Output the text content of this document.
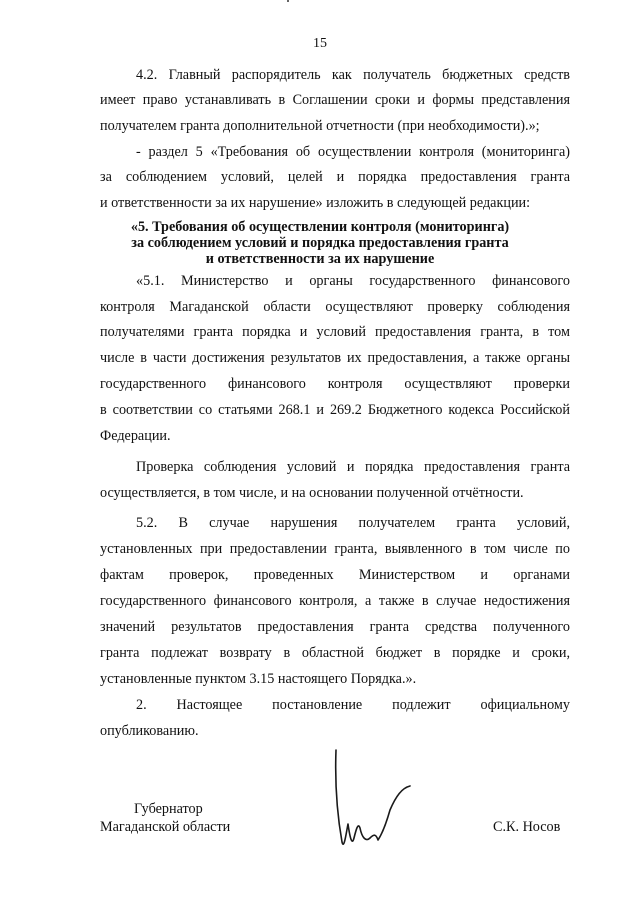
15
4.2. Главный распорядитель как получатель бюджетных средств
имеет право устанавливать в Соглашении сроки и формы представления
получателем гранта дополнительной отчетности (при необходимости).»;
- раздел 5 «Требования об осуществлении контроля (мониторинга)
за соблюдением условий, целей и порядка предоставления гранта
и ответственности за их нарушение» изложить в следующей редакции:
«5. Требования об осуществлении контроля (мониторинга)
за соблюдением условий и порядка предоставления гранта
и ответственности за их нарушение
«5.1. Министерство и органы государственного финансового
контроля Магаданской области осуществляют проверку соблюдения
получателями гранта порядка и условий предоставления гранта, в том
числе в части достижения результатов их предоставления, а также органы
государственного финансового контроля осуществляют проверки
в соответствии со статьями 268.1 и 269.2 Бюджетного кодекса Российской
Федерации.
Проверка соблюдения условий и порядка предоставления гранта
осуществляется, в том числе, и на основании полученной отчётности.
5.2. В случае нарушения получателем гранта условий,
установленных при предоставлении гранта, выявленного в том числе по
фактам проверок, проведенных Министерством и органами
государственного финансового контроля, а также в случае недостижения
значений результатов предоставления гранта средства полученного
гранта подлежат возврату в областной бюджет в порядке и сроки,
установленные пунктом 3.15 настоящего Порядка.».
2. Настоящее постановление подлежит официальному
опубликованию.
Губернатор
Магаданской области	С.К. Носов
